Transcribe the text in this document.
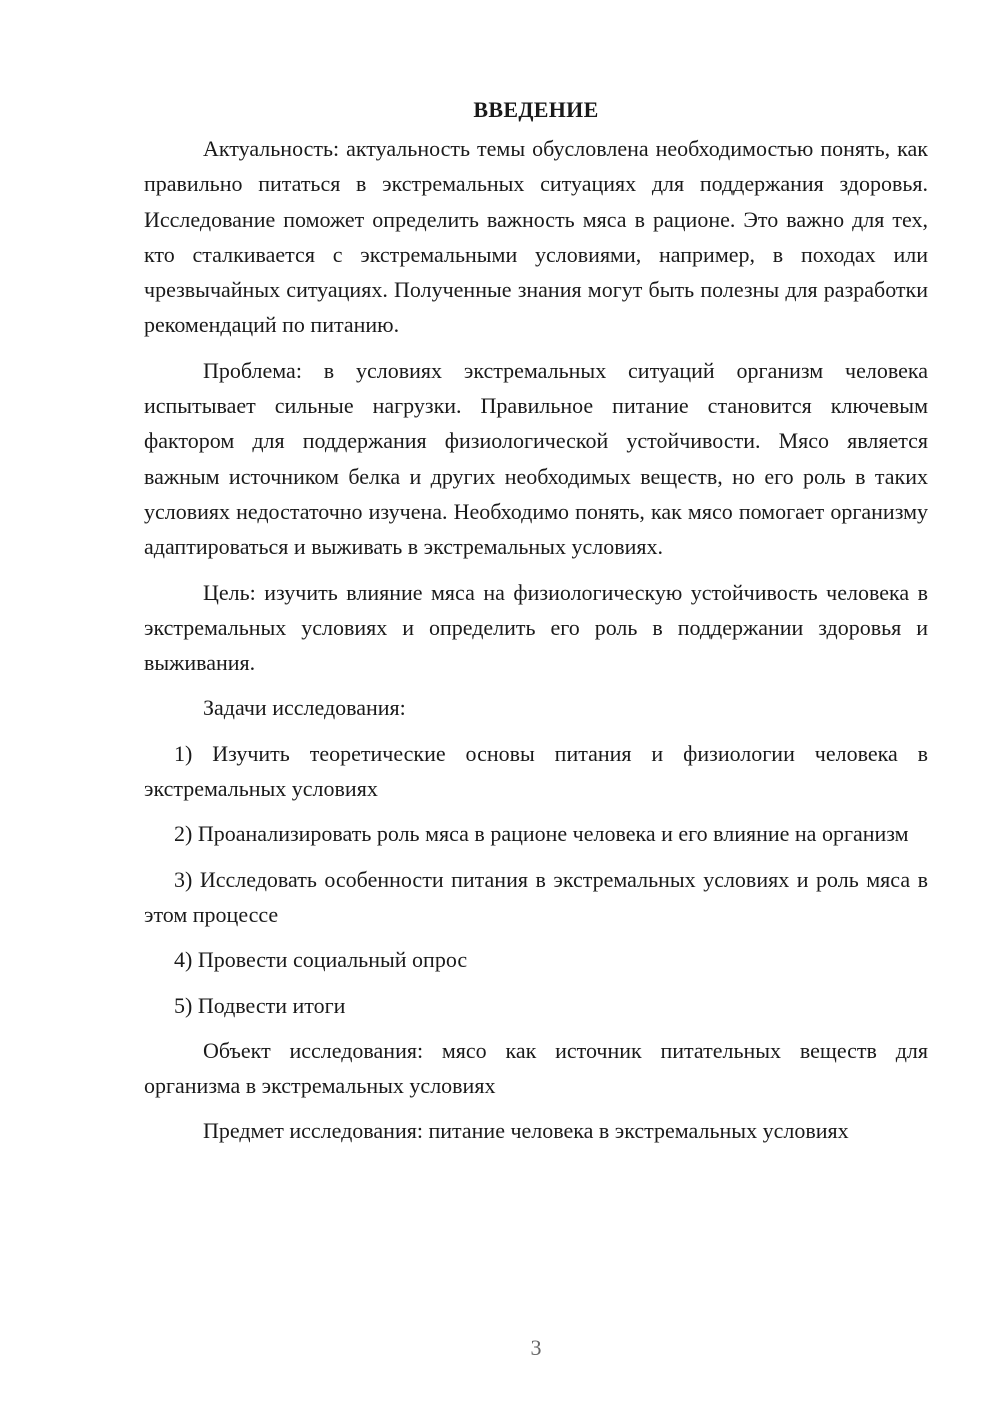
ВВЕДЕНИЕ

Актуальность: актуальность темы обусловлена необходимостью понять, как правильно питаться в экстремальных ситуациях для поддержания здоровья. Исследование поможет определить важность мяса в рационе. Это важно для тех, кто сталкивается с экстремальными условиями, например, в походах или чрезвычайных ситуациях. Полученные знания могут быть полезны для разработки рекомендаций по питанию.

Проблема: в условиях экстремальных ситуаций организм человека испытывает сильные нагрузки. Правильное питание становится ключевым фактором для поддержания физиологической устойчивости. Мясо является важным источником белка и других необходимых веществ, но его роль в таких условиях недостаточно изучена. Необходимо понять, как мясо помогает организму адаптироваться и выживать в экстремальных условиях.

Цель: изучить влияние мяса на физиологическую устойчивость человека в экстремальных условиях и определить его роль в поддержании здоровья и выживания.

Задачи исследования:

1) Изучить теоретические основы питания и физиологии человека в экстремальных условиях

2) Проанализировать роль мяса в рационе человека и его влияние на организм

3) Исследовать особенности питания в экстремальных условиях и роль мяса в этом процессе

4) Провести социальный опрос

5) Подвести итоги

Объект исследования: мясо как источник питательных веществ для организма в экстремальных условиях

Предмет исследования: питание человека в экстремальных условиях

3
